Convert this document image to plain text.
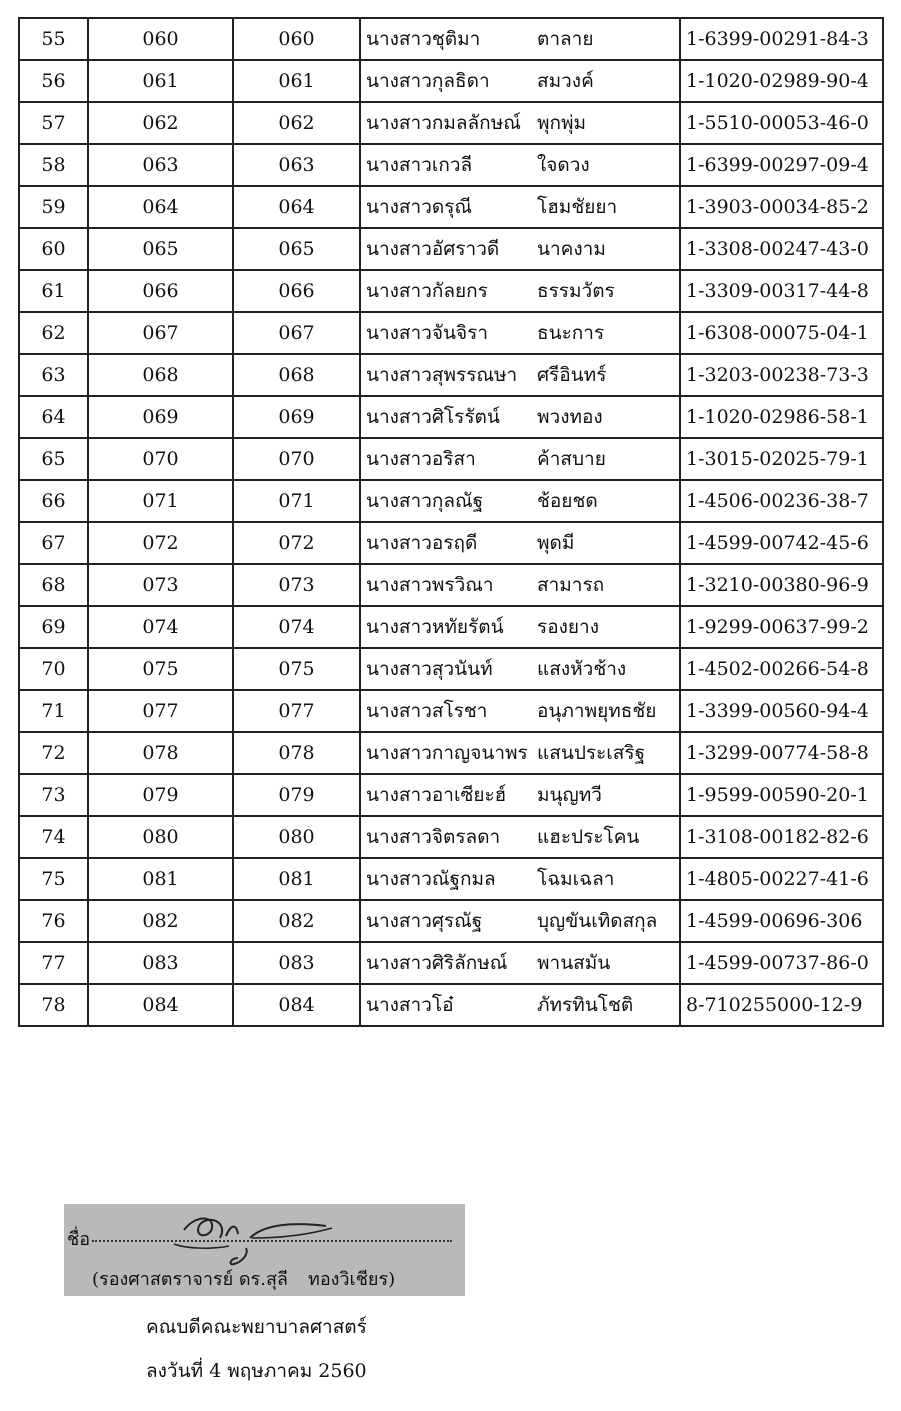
55	060	060	นางสาวชุติมา ตาลาย	1-6399-00291-84-3
56	061	061	นางสาวกุลธิดา สมวงค์	1-1020-02989-90-4
57	062	062	นางสาวกมลลักษณ์ พุกพุ่ม	1-5510-00053-46-0
58	063	063	นางสาวเกวลี ใจดวง	1-6399-00297-09-4
59	064	064	นางสาวดรุณี โฮมชัยยา	1-3903-00034-85-2
60	065	065	นางสาวอัศราวดี นาคงาม	1-3308-00247-43-0
61	066	066	นางสาวกัลยกร ธรรมวัตร	1-3309-00317-44-8
62	067	067	นางสาวจันจิรา ธนะการ	1-6308-00075-04-1
63	068	068	นางสาวสุพรรณษา ศรีอินทร์	1-3203-00238-73-3
64	069	069	นางสาวศิโรรัตน์ พวงทอง	1-1020-02986-58-1
65	070	070	นางสาวอริสา ค้าสบาย	1-3015-02025-79-1
66	071	071	นางสาวกุลณัฐ ช้อยชด	1-4506-00236-38-7
67	072	072	นางสาวอรฤดี พุดมี	1-4599-00742-45-6
68	073	073	นางสาวพรวิณา สามารถ	1-3210-00380-96-9
69	074	074	นางสาวหทัยรัตน์ รองยาง	1-9299-00637-99-2
70	075	075	นางสาวสุวนันท์ แสงหัวช้าง	1-4502-00266-54-8
71	077	077	นางสาวสโรชา อนุภาพยุทธชัย	1-3399-00560-94-4
72	078	078	นางสาวกาญจนาพร แสนประเสริฐ	1-3299-00774-58-8
73	079	079	นางสาวอาเซียะฮ์ มนุญทวี	1-9599-00590-20-1
74	080	080	นางสาวจิตรลดา แฮะประโคน	1-3108-00182-82-6
75	081	081	นางสาวณัฐกมล โฉมเฉลา	1-4805-00227-41-6
76	082	082	นางสาวศุรณัฐ บุญขันเทิดสกุล	1-4599-00696-306
77	083	083	นางสาวศิริลักษณ์ พานสมัน	1-4599-00737-86-0
78	084	084	นางสาวโอ๋ ภัทรทินโชติ	8-710255000-12-9
ชื่อ
(รองศาสตราจารย์ ดร.สุลี ทองวิเชียร)
คณบดีคณะพยาบาลศาสตร์
ลงวันที่ 4 พฤษภาคม 2560
